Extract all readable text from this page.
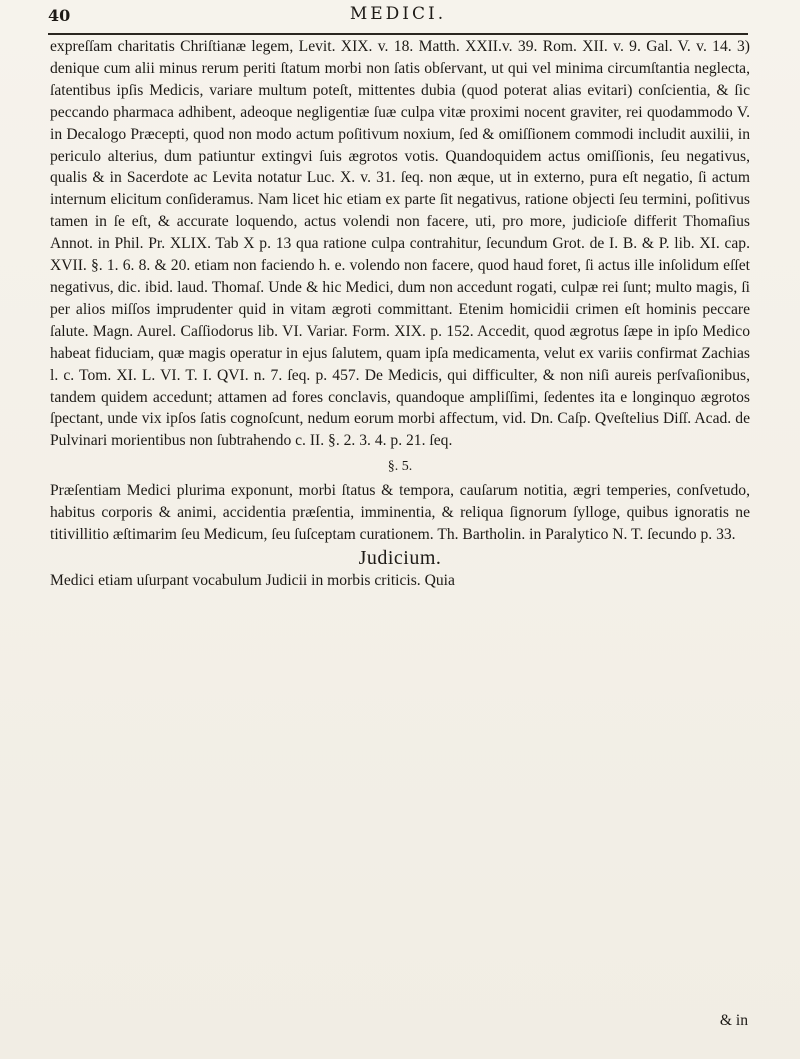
40	MEDICI.

expreſſam charitatis Chriſtianæ legem, Levit. XIX. v. 18. Matth. XXII.v. 39. Rom. XII. v. 9. Gal. V. v. 14. 3) denique cum alii minus rerum periti ſtatum morbi non ſatis obſervant, ut qui vel minima circumſtantia neglecta, ſatentibus ipſis Medicis, variare multum poteſt, mittentes dubia (quod poterat alias evitari) conſcientia, & ſic peccando pharmaca adhibent, adeoque negligentiæ ſuæ culpa vitæ proximi nocent graviter, rei quodammodo V. in Decalogo Præcepti, quod non modo actum poſitivum noxium, ſed & omiſſionem commodi includit auxilii, in periculo alterius, dum patiuntur extingvi ſuis ægrotos votis. Quandoquidem actus omiſſionis, ſeu negativus, qualis & in Sacerdote ac Levita notatur Luc. X. v. 31. ſeq. non æque, ut in externo, pura eſt negatio, ſi actum internum elicitum conſideramus. Nam licet hic etiam ex parte ſit negativus, ratione objecti ſeu termini, poſitivus tamen in ſe eſt, & accurate loquendo, actus volendi non facere, uti, pro more, judicioſe differit Thomaſius Annot. in Phil. Pr. XLIX. Tab X p. 13 qua ratione culpa contrahitur, ſecundum Grot. de I. B. & P. lib. XI. cap. XVII. §. 1. 6. 8. & 20. etiam non faciendo h. e. volendo non facere, quod haud foret, ſi actus ille inſolidum eſſet negativus, dic. ibid. laud. Thomaſ. Unde & hic Medici, dum non accedunt rogati, culpæ rei ſunt; multo magis, ſi per alios miſſos imprudenter quid in vitam ægroti committant. Etenim homicidii crimen eſt hominis peccare ſalute. Magn. Aurel. Caſſiodorus lib. VI. Variar. Form. XIX. p. 152. Accedit, quod ægrotus ſæpe in ipſo Medico habeat fiduciam, quæ magis operatur in ejus ſalutem, quam ipſa medicamenta, velut ex variis confirmat Zachias l. c. Tom. XI. L. VI. T. I. QVI. n. 7. ſeq. p. 457. De Medicis, qui difficulter, & non niſi aureis perſvaſionibus, tandem quidem accedunt; attamen ad fores conclavis, quandoque ampliſſimi, ſedentes ita e longinquo ægrotos ſpectant, unde vix ipſos ſatis cognoſcunt, nedum eorum morbi affectum, vid. Dn. Caſp. Qveſtelius Diſſ. Acad. de Pulvinari morientibus non ſubtrahendo c. II. §. 2. 3. 4. p. 21. ſeq.

§. 5.

Præſentiam Medici plurima exponunt, morbi ſtatus & tempora, cauſarum notitia, ægri temperies, conſvetudo, habitus corporis & animi, accidentia præſentia, imminentia, & reliqua ſignorum ſylloge, quibus ignoratis ne titivillitio æſtimarim ſeu Medicum, ſeu ſuſceptam curationem. Th. Bartholin. in Paralytico N. T. ſecundo p. 33.

Judicium.

Medici etiam uſurpant vocabulum Judicii in morbis criticis. Quia

& in
